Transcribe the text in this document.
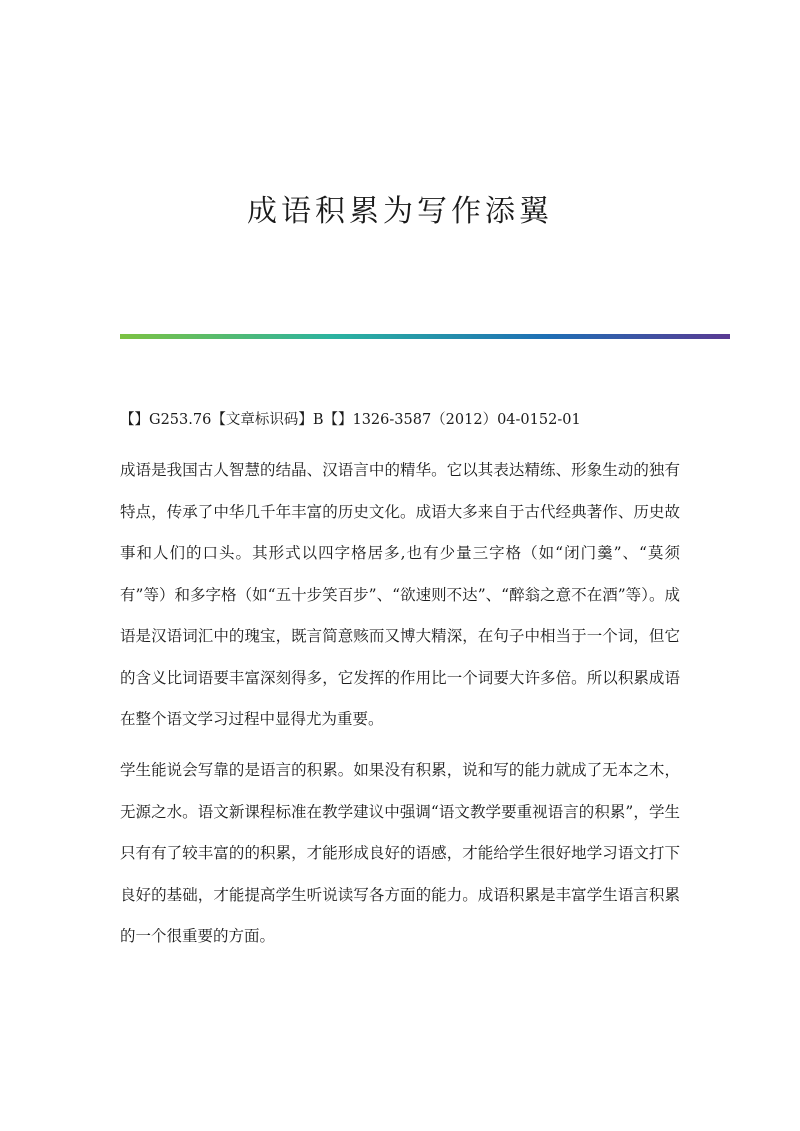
成语积累为写作添翼
【】G253.76【文章标识码】B【】1326-3587（2012）04-0152-01

成语是我国古人智慧的结晶、汉语言中的精华。它以其表达精练、形象生动的独有特点，传承了中华几千年丰富的历史文化。成语大多来自于古代经典著作、历史故事和人们的口头。其形式以四字格居多,也有少量三字格（如“闭门羹”、“莫须有”等）和多字格（如“五十步笑百步”、“欲速则不达”、“醉翁之意不在酒”等）。成语是汉语词汇中的瑰宝，既言简意赅而又博大精深，在句子中相当于一个词，但它的含义比词语要丰富深刻得多，它发挥的作用比一个词要大许多倍。所以积累成语在整个语文学习过程中显得尤为重要。

学生能说会写靠的是语言的积累。如果没有积累，说和写的能力就成了无本之木，无源之水。语文新课程标准在教学建议中强调“语文教学要重视语言的积累”，学生只有有了较丰富的的积累，才能形成良好的语感，才能给学生很好地学习语文打下良好的基础，才能提高学生听说读写各方面的能力。成语积累是丰富学生语言积累的一个很重要的方面。
